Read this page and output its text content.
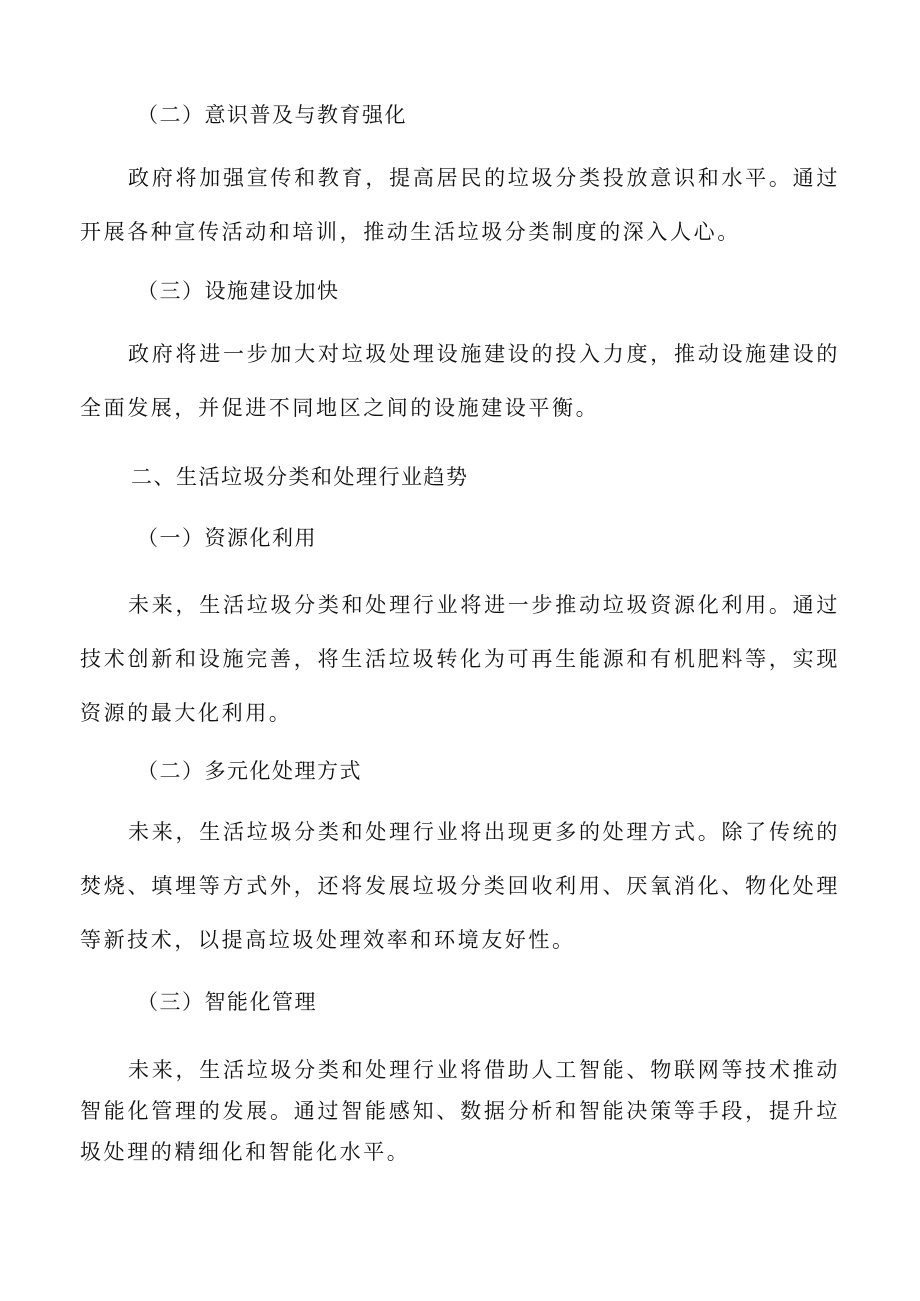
（二）意识普及与教育强化

政府将加强宣传和教育，提高居民的垃圾分类投放意识和水平。通过开展各种宣传活动和培训，推动生活垃圾分类制度的深入人心。

（三）设施建设加快

政府将进一步加大对垃圾处理设施建设的投入力度，推动设施建设的全面发展，并促进不同地区之间的设施建设平衡。

二、生活垃圾分类和处理行业趋势
（一）资源化利用

未来，生活垃圾分类和处理行业将进一步推动垃圾资源化利用。通过技术创新和设施完善，将生活垃圾转化为可再生能源和有机肥料等，实现资源的最大化利用。

（二）多元化处理方式

未来，生活垃圾分类和处理行业将出现更多的处理方式。除了传统的焚烧、填埋等方式外，还将发展垃圾分类回收利用、厌氧消化、物化处理等新技术，以提高垃圾处理效率和环境友好性。

（三）智能化管理

未来，生活垃圾分类和处理行业将借助人工智能、物联网等技术推动智能化管理的发展。通过智能感知、数据分析和智能决策等手段，提升垃圾处理的精细化和智能化水平。
